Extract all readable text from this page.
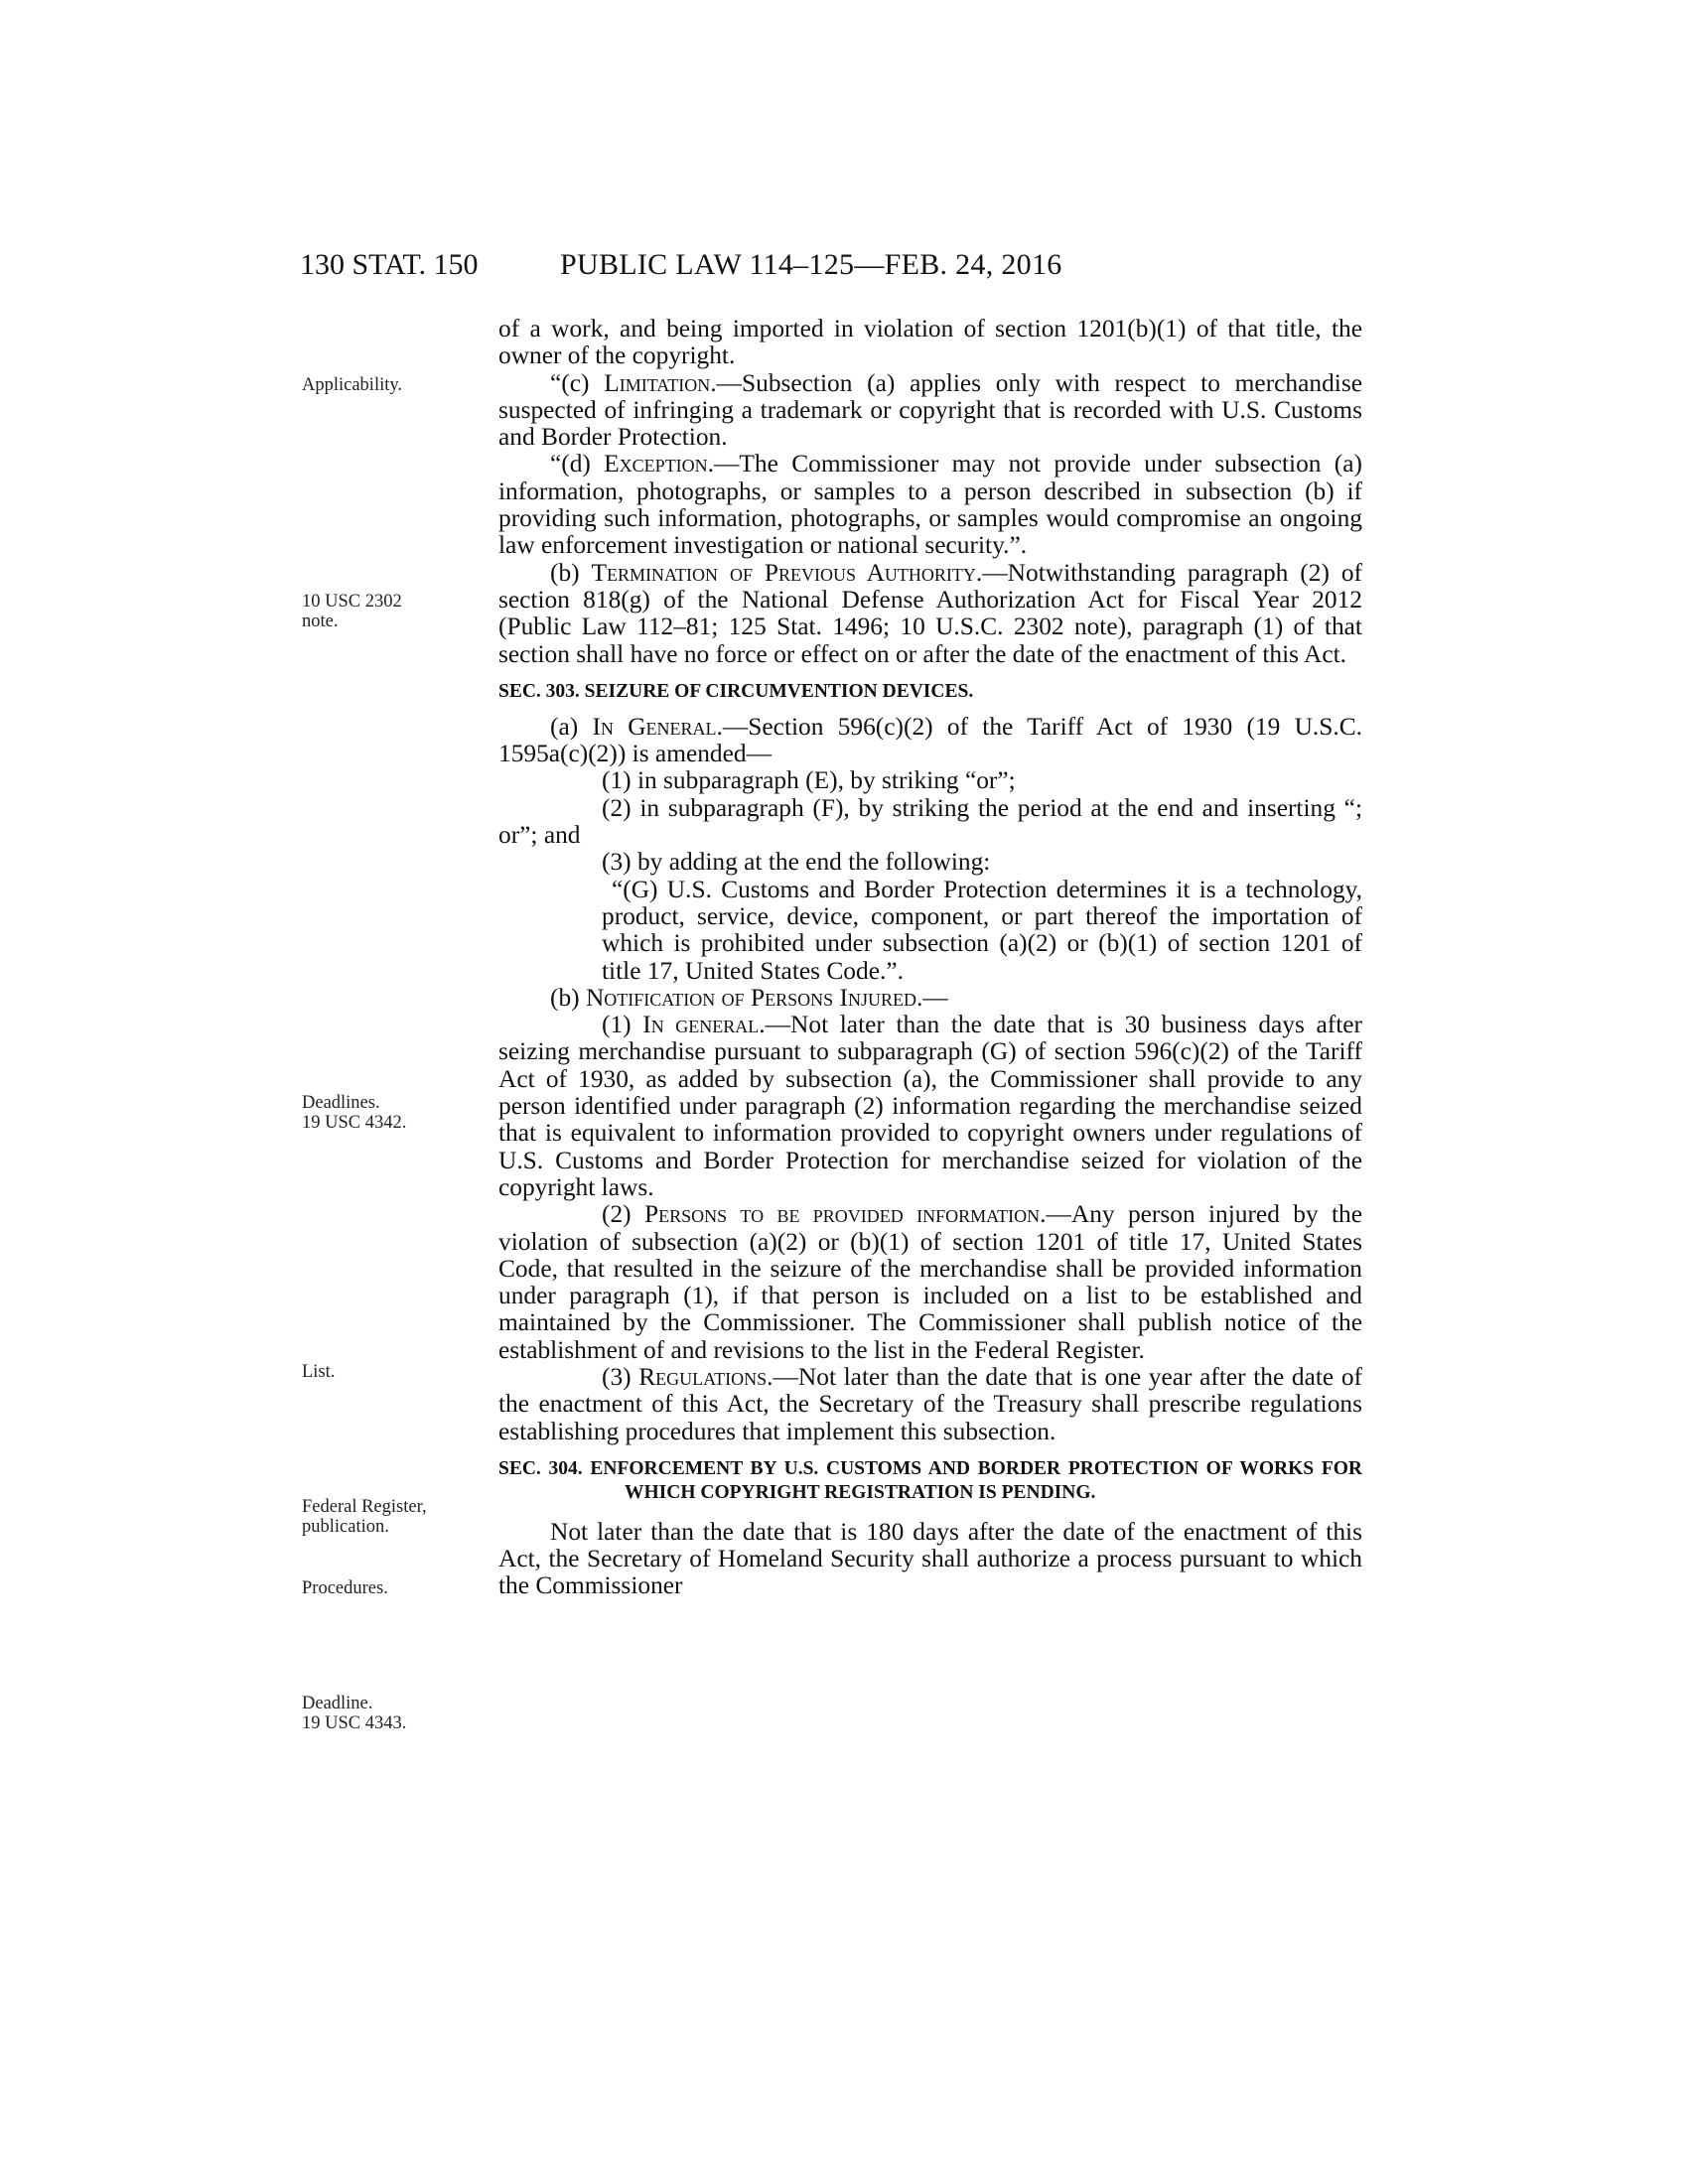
130 STAT. 150	PUBLIC LAW 114–125—FEB. 24, 2016
Applicability.
10 USC 2302
note.
Deadlines.
19 USC 4342.
List.
Federal Register,
publication.
Procedures.
Deadline.
19 USC 4343.

of a work, and being imported in violation of section 1201(b)(1) of that title, the owner of the copyright.

“(c) Limitation.—Subsection (a) applies only with respect to merchandise suspected of infringing a trademark or copyright that is recorded with U.S. Customs and Border Protection.

“(d) Exception.—The Commissioner may not provide under subsection (a) information, photographs, or samples to a person described in subsection (b) if providing such information, photographs, or samples would compromise an ongoing law enforcement investigation or national security.”.

(b) Termination of Previous Authority.—Notwithstanding paragraph (2) of section 818(g) of the National Defense Authorization Act for Fiscal Year 2012 (Public Law 112–81; 125 Stat. 1496; 10 U.S.C. 2302 note), paragraph (1) of that section shall have no force or effect on or after the date of the enactment of this Act.

SEC. 303. SEIZURE OF CIRCUMVENTION DEVICES.

(a) In General.—Section 596(c)(2) of the Tariff Act of 1930 (19 U.S.C. 1595a(c)(2)) is amended—

(1) in subparagraph (E), by striking “or”;

(2) in subparagraph (F), by striking the period at the end and inserting “; or”; and

(3) by adding at the end the following:

“(G) U.S. Customs and Border Protection determines it is a technology, product, service, device, component, or part thereof the importation of which is prohibited under subsection (a)(2) or (b)(1) of section 1201 of title 17, United States Code.”.

(b) Notification of Persons Injured.—

(1) In general.—Not later than the date that is 30 business days after seizing merchandise pursuant to subparagraph (G) of section 596(c)(2) of the Tariff Act of 1930, as added by subsection (a), the Commissioner shall provide to any person identified under paragraph (2) information regarding the merchandise seized that is equivalent to information provided to copyright owners under regulations of U.S. Customs and Border Protection for merchandise seized for violation of the copyright laws.

(2) Persons to be provided information.—Any person injured by the violation of subsection (a)(2) or (b)(1) of section 1201 of title 17, United States Code, that resulted in the seizure of the merchandise shall be provided information under paragraph (1), if that person is included on a list to be established and maintained by the Commissioner. The Commissioner shall publish notice of the establishment of and revisions to the list in the Federal Register.

(3) Regulations.—Not later than the date that is one year after the date of the enactment of this Act, the Secretary of the Treasury shall prescribe regulations establishing procedures that implement this subsection.

SEC. 304. ENFORCEMENT BY U.S. CUSTOMS AND BORDER PROTECTION OF WORKS FOR WHICH COPYRIGHT REGISTRATION IS PENDING.

Not later than the date that is 180 days after the date of the enactment of this Act, the Secretary of Homeland Security shall authorize a process pursuant to which the Commissioner
